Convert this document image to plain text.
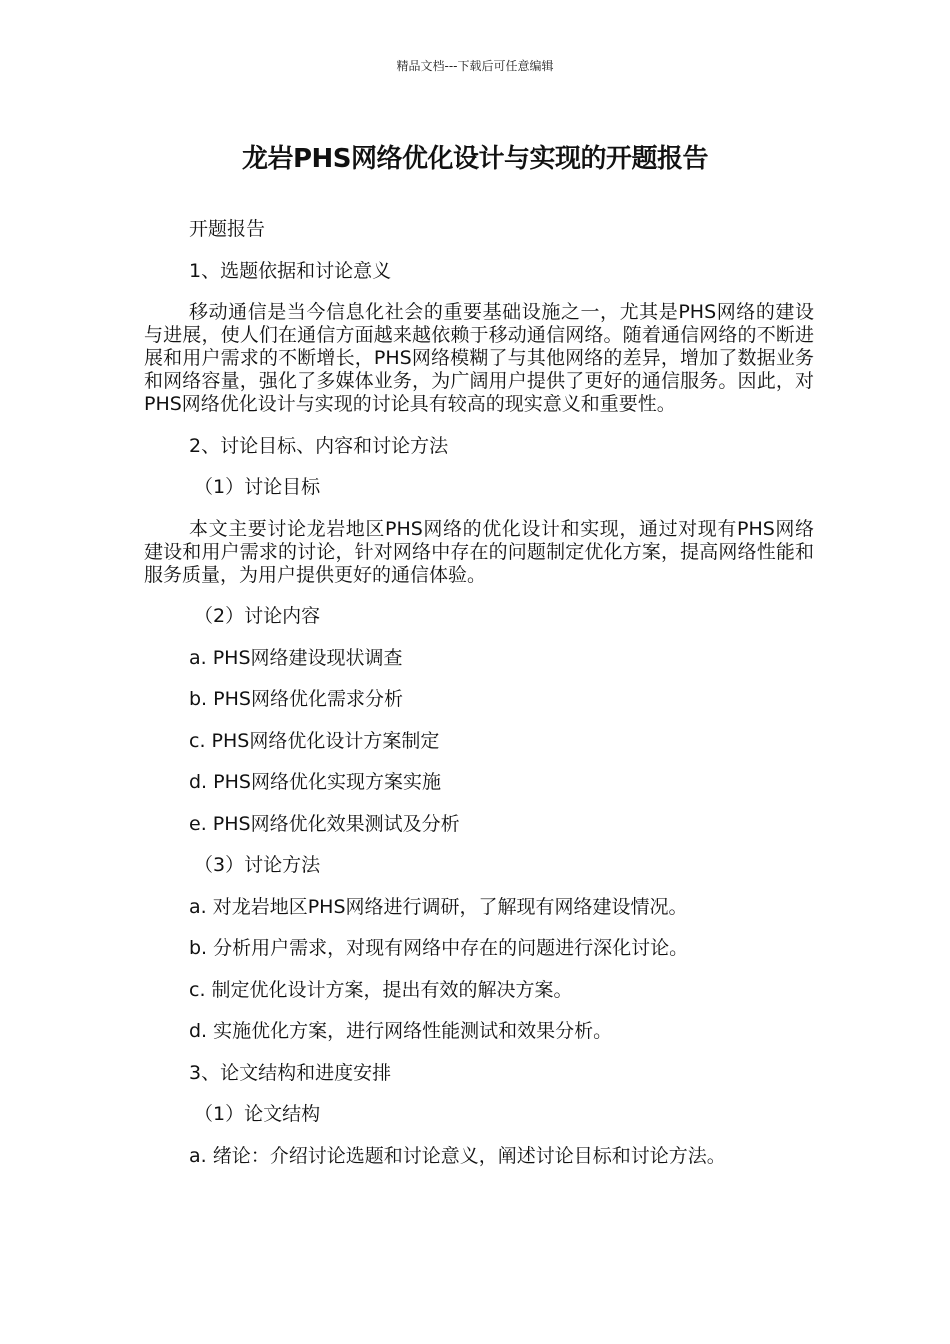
精品文档---下载后可任意编辑
龙岩PHS网络优化设计与实现的开题报告

开题报告

1、选题依据和讨论意义

移动通信是当今信息化社会的重要基础设施之一，尤其是PHS网络的建设与进展，使人们在通信方面越来越依赖于移动通信网络。随着通信网络的不断进展和用户需求的不断增长，PHS网络模糊了与其他网络的差异，增加了数据业务和网络容量，强化了多媒体业务，为广阔用户提供了更好的通信服务。因此，对PHS网络优化设计与实现的讨论具有较高的现实意义和重要性。

2、讨论目标、内容和讨论方法

（1）讨论目标

本文主要讨论龙岩地区PHS网络的优化设计和实现，通过对现有PHS网络建设和用户需求的讨论，针对网络中存在的问题制定优化方案，提高网络性能和服务质量，为用户提供更好的通信体验。

（2）讨论内容

a. PHS网络建设现状调查

b. PHS网络优化需求分析

c. PHS网络优化设计方案制定

d. PHS网络优化实现方案实施

e. PHS网络优化效果测试及分析

（3）讨论方法

a. 对龙岩地区PHS网络进行调研，了解现有网络建设情况。

b. 分析用户需求，对现有网络中存在的问题进行深化讨论。

c. 制定优化设计方案，提出有效的解决方案。

d. 实施优化方案，进行网络性能测试和效果分析。

3、论文结构和进度安排

（1）论文结构

a. 绪论：介绍讨论选题和讨论意义，阐述讨论目标和讨论方法。
